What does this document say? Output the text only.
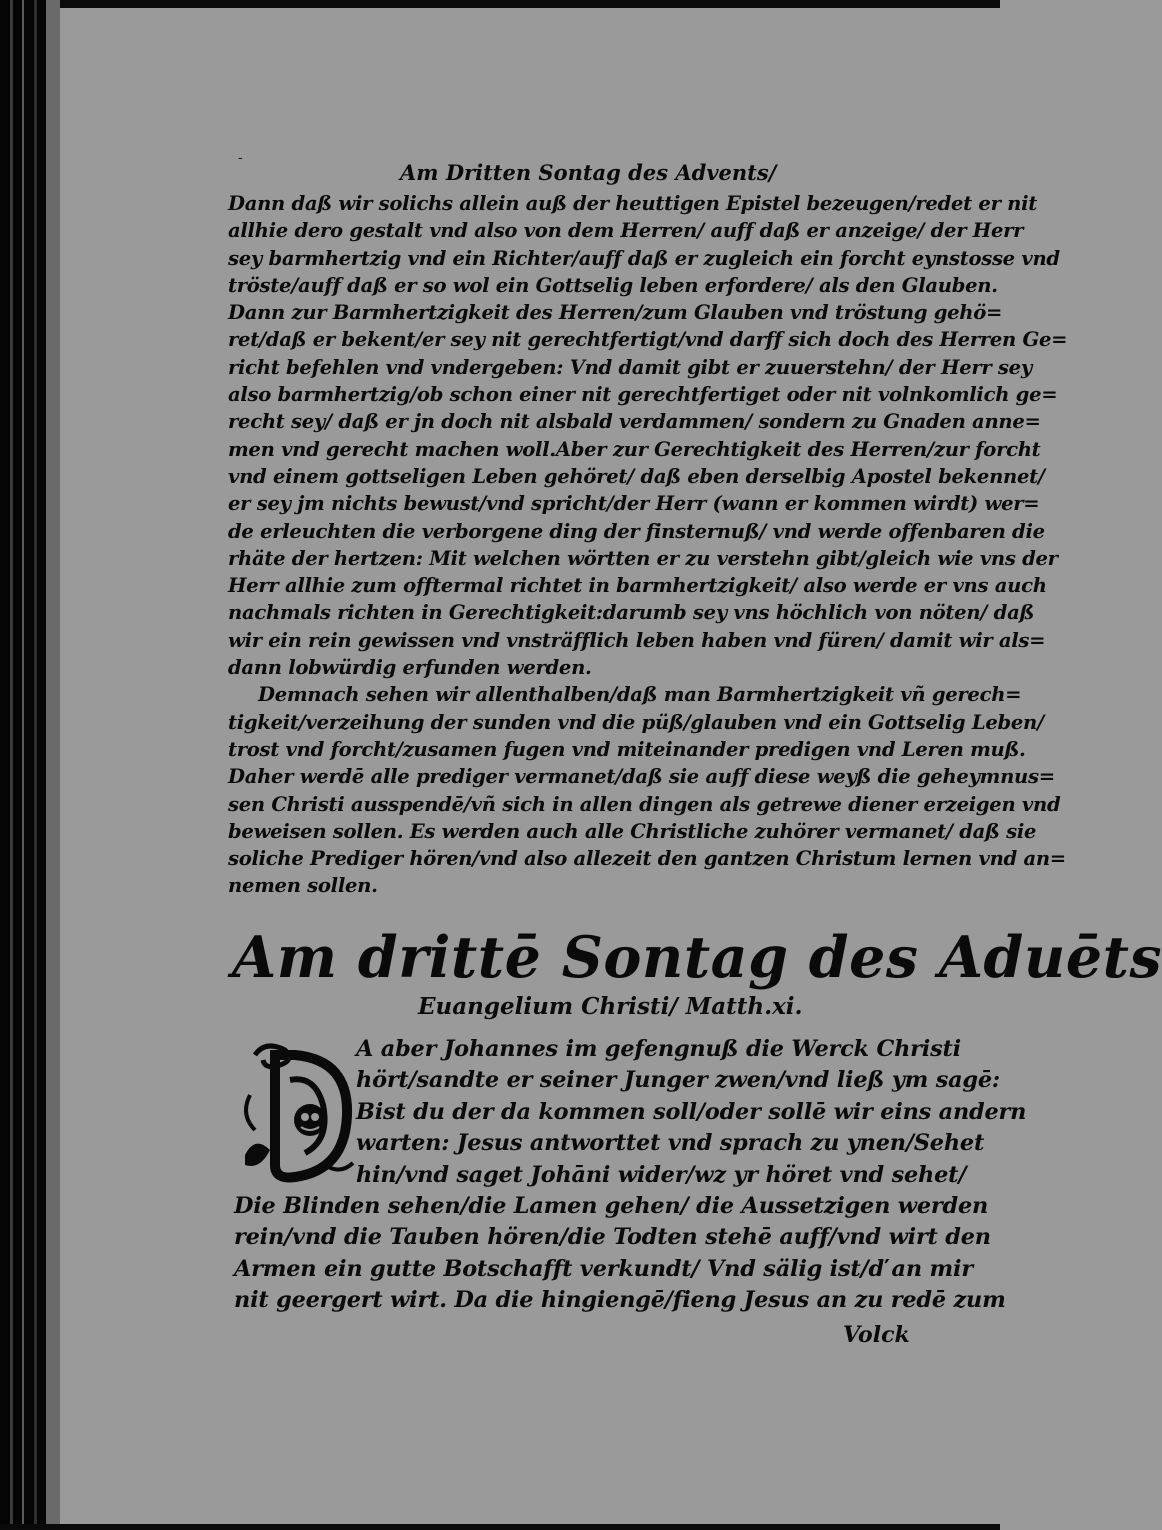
-
Am Dritten Sontag des Advents/
Dann daß wir solichs allein auß der heuttigen Epistel bezeugen/redet er nit
allhie dero gestalt vnd also von dem Herren/ auff daß er anzeige/ der Herr
sey barmhertzig vnd ein Richter/auff daß er zugleich ein forcht eynstosse vnd
tröste/auff daß er so wol ein Gottselig leben erfordere/ als den Glauben.
Dann zur Barmhertzigkeit des Herren/zum Glauben vnd tröstung gehö=
ret/daß er bekent/er sey nit gerechtfertigt/vnd darff sich doch des Herren Ge=
richt befehlen vnd vndergeben: Vnd damit gibt er zuuerstehn/ der Herr sey
also barmhertzig/ob schon einer nit gerechtfertiget oder nit volnkomlich ge=
recht sey/ daß er jn doch nit alsbald verdammen/ sondern zu Gnaden anne=
men vnd gerecht machen woll.Aber zur Gerechtigkeit des Herren/zur forcht
vnd einem gottseligen Leben gehöret/ daß eben derselbig Apostel bekennet/
er sey jm nichts bewust/vnd spricht/der Herr (wann er kommen wirdt) wer=
de erleuchten die verborgene ding der finsternuß/ vnd werde offenbaren die
rhäte der hertzen: Mit welchen wörtten er zu verstehn gibt/gleich wie vns der
Herr allhie zum offtermal richtet in barmhertzigkeit/ also werde er vns auch
nachmals richten in Gerechtigkeit:darumb sey vns höchlich von nöten/ daß
wir ein rein gewissen vnd vnsträfflich leben haben vnd füren/ damit wir als=
dann lobwürdig erfunden werden.
Demnach sehen wir allenthalben/daß man Barmhertzigkeit vñ gerech=
tigkeit/verzeihung der sunden vnd die püß/glauben vnd ein Gottselig Leben/
trost vnd forcht/zusamen fugen vnd miteinander predigen vnd Leren muß.
Daher werdē alle prediger vermanet/daß sie auff diese weyß die geheymnus=
sen Christi ausspendē/vñ sich in allen dingen als getrewe diener erzeigen vnd
beweisen sollen. Es werden auch alle Christliche zuhörer vermanet/ daß sie
soliche Prediger hören/vnd also allezeit den gantzen Christum lernen vnd an=
nemen sollen.
Am drittē Sontag des Aduēts
Euangelium Christi/ Matth.xi.
A aber Johannes im gefengnuß die Werck Christi
hört/sandte er seiner Junger zwen/vnd ließ ym sagē:
Bist du der da kommen soll/oder sollē wir eins andern
warten: Jesus antworttet vnd sprach zu ynen/Sehet
hin/vnd saget Johāni wider/wz yr höret vnd sehet/
Die Blinden sehen/die Lamen gehen/ die Aussetzigen werden
rein/vnd die Tauben hören/die Todten stehē auff/vnd wirt den
Armen ein gutte Botschafft verkundt/ Vnd sälig ist/ď an mir
nit geergert wirt. Da die hingiengē/fieng Jesus an zu redē zum
Volck
